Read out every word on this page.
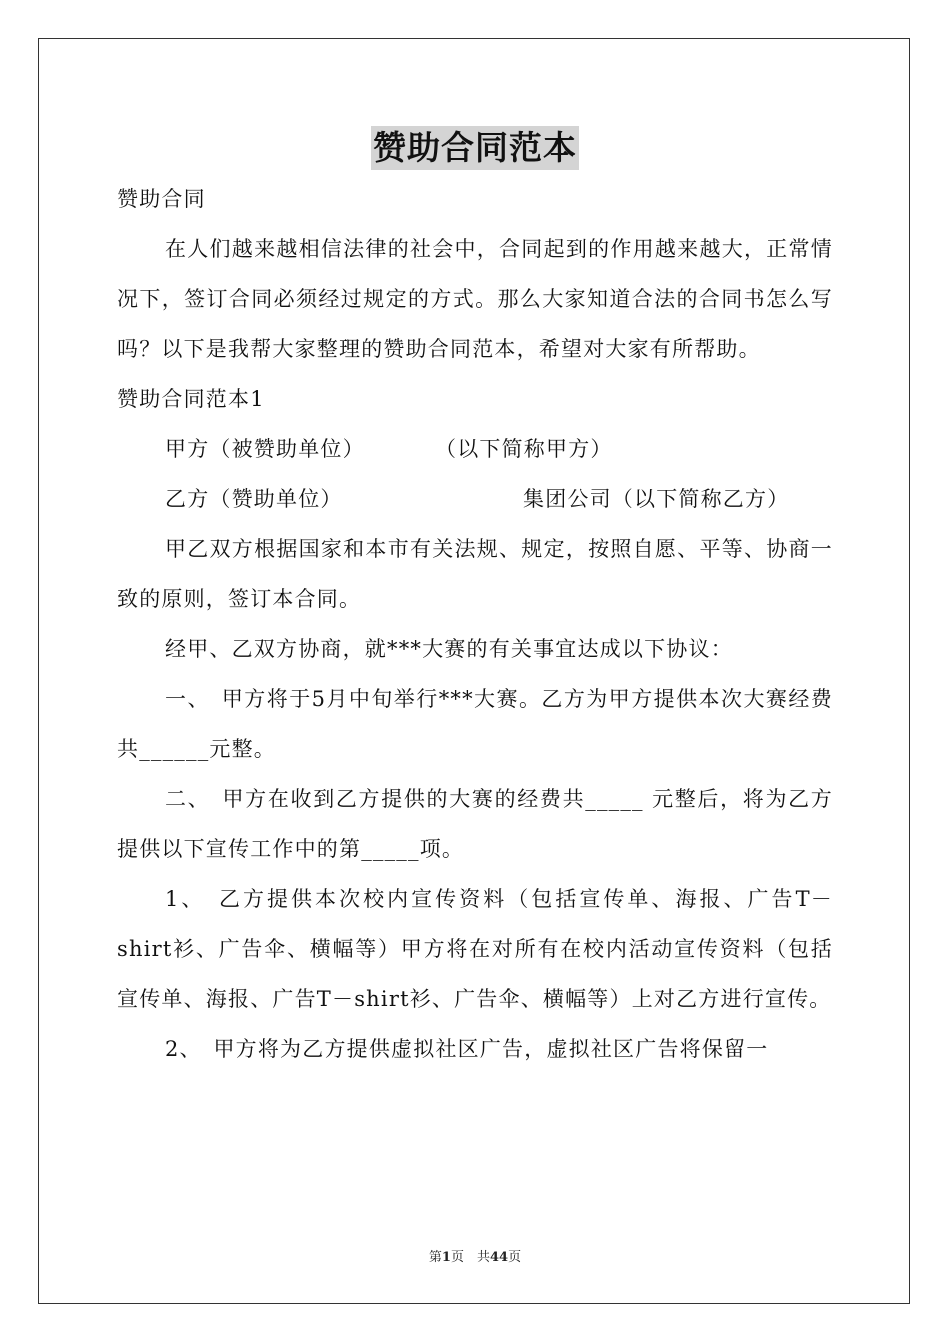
赞助合同范本

赞助合同

在人们越来越相信法律的社会中，合同起到的作用越来越大，正常情况下，签订合同必须经过规定的方式。那么大家知道合法的合同书怎么写吗？以下是我帮大家整理的赞助合同范本，希望对大家有所帮助。

赞助合同范本1

甲方（被赞助单位）	（以下简称甲方）
乙方（赞助单位）	集团公司（以下简称乙方）

甲乙双方根据国家和本市有关法规、规定，按照自愿、平等、协商一致的原则，签订本合同。

经甲、乙双方协商，就***大赛的有关事宜达成以下协议：

一、　甲方将于5月中旬举行***大赛。乙方为甲方提供本次大赛经费共______元整。

二、　甲方在收到乙方提供的大赛的经费共_____ 元整后，将为乙方提供以下宣传工作中的第_____项。

1、　乙方提供本次校内宣传资料（包括宣传单、海报、广告T－shirt衫、广告伞、横幅等）甲方将在对所有在校内活动宣传资料（包括宣传单、海报、广告T－shirt衫、广告伞、横幅等）上对乙方进行宣传。

2、　甲方将为乙方提供虚拟社区广告，虚拟社区广告将保留一

第1页　共44页
